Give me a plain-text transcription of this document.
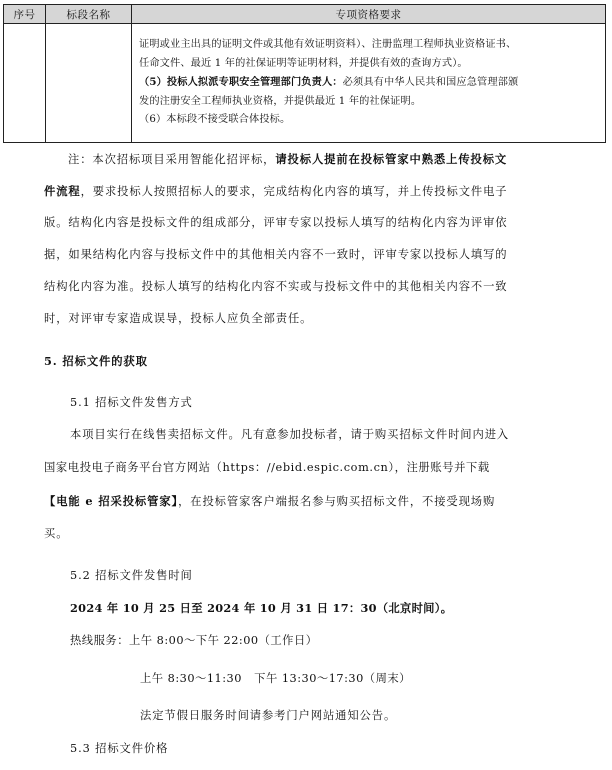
序号	标段名称	专项资格要求

		证明或业主出具的证明文件或其他有效证明资料）、注册监理工程师执业资格证书、
任命文件、最近 1 年的社保证明等证明材料，并提供有效的查询方式）。
（5）投标人拟派专职安全管理部门负责人：必须具有中华人民共和国应急管理部颁
发的注册安全工程师执业资格，并提供最近 1 年的社保证明。
（6）本标段不接受联合体投标。
注：本次招标项目采用智能化招评标，请投标人提前在投标管家中熟悉上传投标文
件流程，要求投标人按照招标人的要求，完成结构化内容的填写，并上传投标文件电子
版。结构化内容是投标文件的组成部分，评审专家以投标人填写的结构化内容为评审依
据，如果结构化内容与投标文件中的其他相关内容不一致时，评审专家以投标人填写的
结构化内容为准。投标人填写的结构化内容不实或与投标文件中的其他相关内容不一致
时，对评审专家造成误导，投标人应负全部责任。
5. 招标文件的获取
5.1 招标文件发售方式
本项目实行在线售卖招标文件。凡有意参加投标者，请于购买招标文件时间内进入
国家电投电子商务平台官方网站（https：//ebid.espic.com.cn），注册账号并下载
【电能 e 招采投标管家】，在投标管家客户端报名参与购买招标文件，不接受现场购
买。
5.2 招标文件发售时间
2024 年 10 月 25 日至 2024 年 10 月 31 日 17：30（北京时间）。
热线服务：上午 8:00～下午 22:00（工作日）
上午 8:30～11:30   下午 13:30～17:30（周末）
法定节假日服务时间请参考门户网站通知公告。
5.3 招标文件价格
